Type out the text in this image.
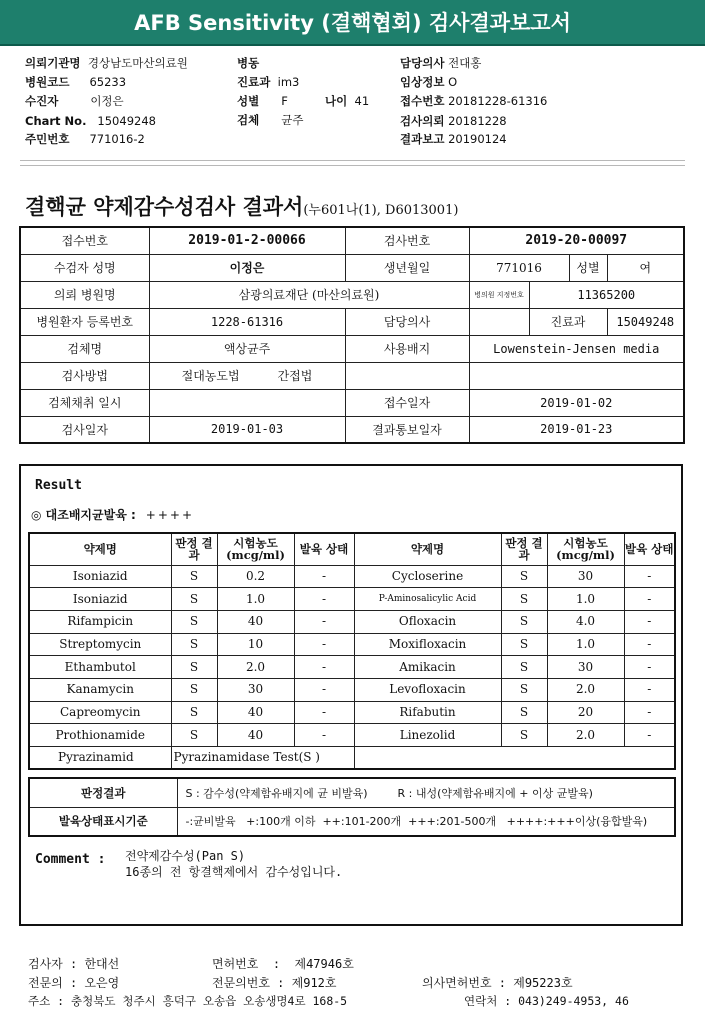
AFB Sensitivity (결핵협회) 검사결과보고서
의뢰기관명 경상남도마산의료원
병원코드 65233
수진자	이정은
Chart No. 15049248
주민번호 771016-2
병동
진료과 im3
성별 F	나이 41
검체 균주
담당의사 전대홍
임상정보 O
접수번호 20181228-61316
검사의뢰 20181228
결과보고 20190124
결핵균 약제감수성검사 결과서(누601나(1), D6013001)
접수번호	2019-01-2-00066	검사번호	2019-20-00097			
수검자 성명	이정은	생년월일	771016		성별	여
의뢰 병원명	삼광의료재단 (마산의료원)		병의원 지정번호	11365200		
병원환자 등록번호	1228-61316	담당의사		진료과		15049248
검체명	액상균주	사용배지	Lowenstein-Jensen media			
검사방법	절대농도법 간접법					
검체채취 일시		접수일자	2019-01-02			
검사일자	2019-01-03	결과통보일자	2019-01-23			
Result
◎ 대조배지균발육 : ++++
약제명	판정 결과	시험농도 (mcg/ml)	발육 상태	약제명	판정 결과	시험농도 (mcg/ml)	발육 상태
Isoniazid	S	0.2	-	Cycloserine	S	30	-
Isoniazid	S	1.0	-	P-Aminosalicylic Acid	S	1.0	-
Rifampicin	S	40	-	Ofloxacin	S	4.0	-
Streptomycin	S	10	-	Moxifloxacin	S	1.0	-
Ethambutol	S	2.0	-	Amikacin	S	30	-
Kanamycin	S	30	-	Levofloxacin	S	2.0	-
Capreomycin	S	40	-	Rifabutin	S	20	-
Prothionamide	S	40	-	Linezolid	S	2.0	-
Pyrazinamid	Pyrazinamidase Test(S )						
판정결과	S : 감수성(약제함유배지에 균 비발육) R : 내성(약제함유배지에 + 이상 균발육)
발육상태표시기준	-:균비발육   +:100개 이하  ++:101-200개  +++:201-500개   ++++:+++이상(융합발육)
Comment : 전약제감수성(Pan S)
16종의 전 항결핵제에서 감수성입니다.
검사자 : 한대선	면허번호  :  제47946호
전문의 : 오은영	전문의번호 : 제912호	의사면허번호 : 제95223호
주소 : 충청북도 청주시 흥덕구 오송읍 오송생명4로 168-5	연락처 : 043)249-4953, 46
